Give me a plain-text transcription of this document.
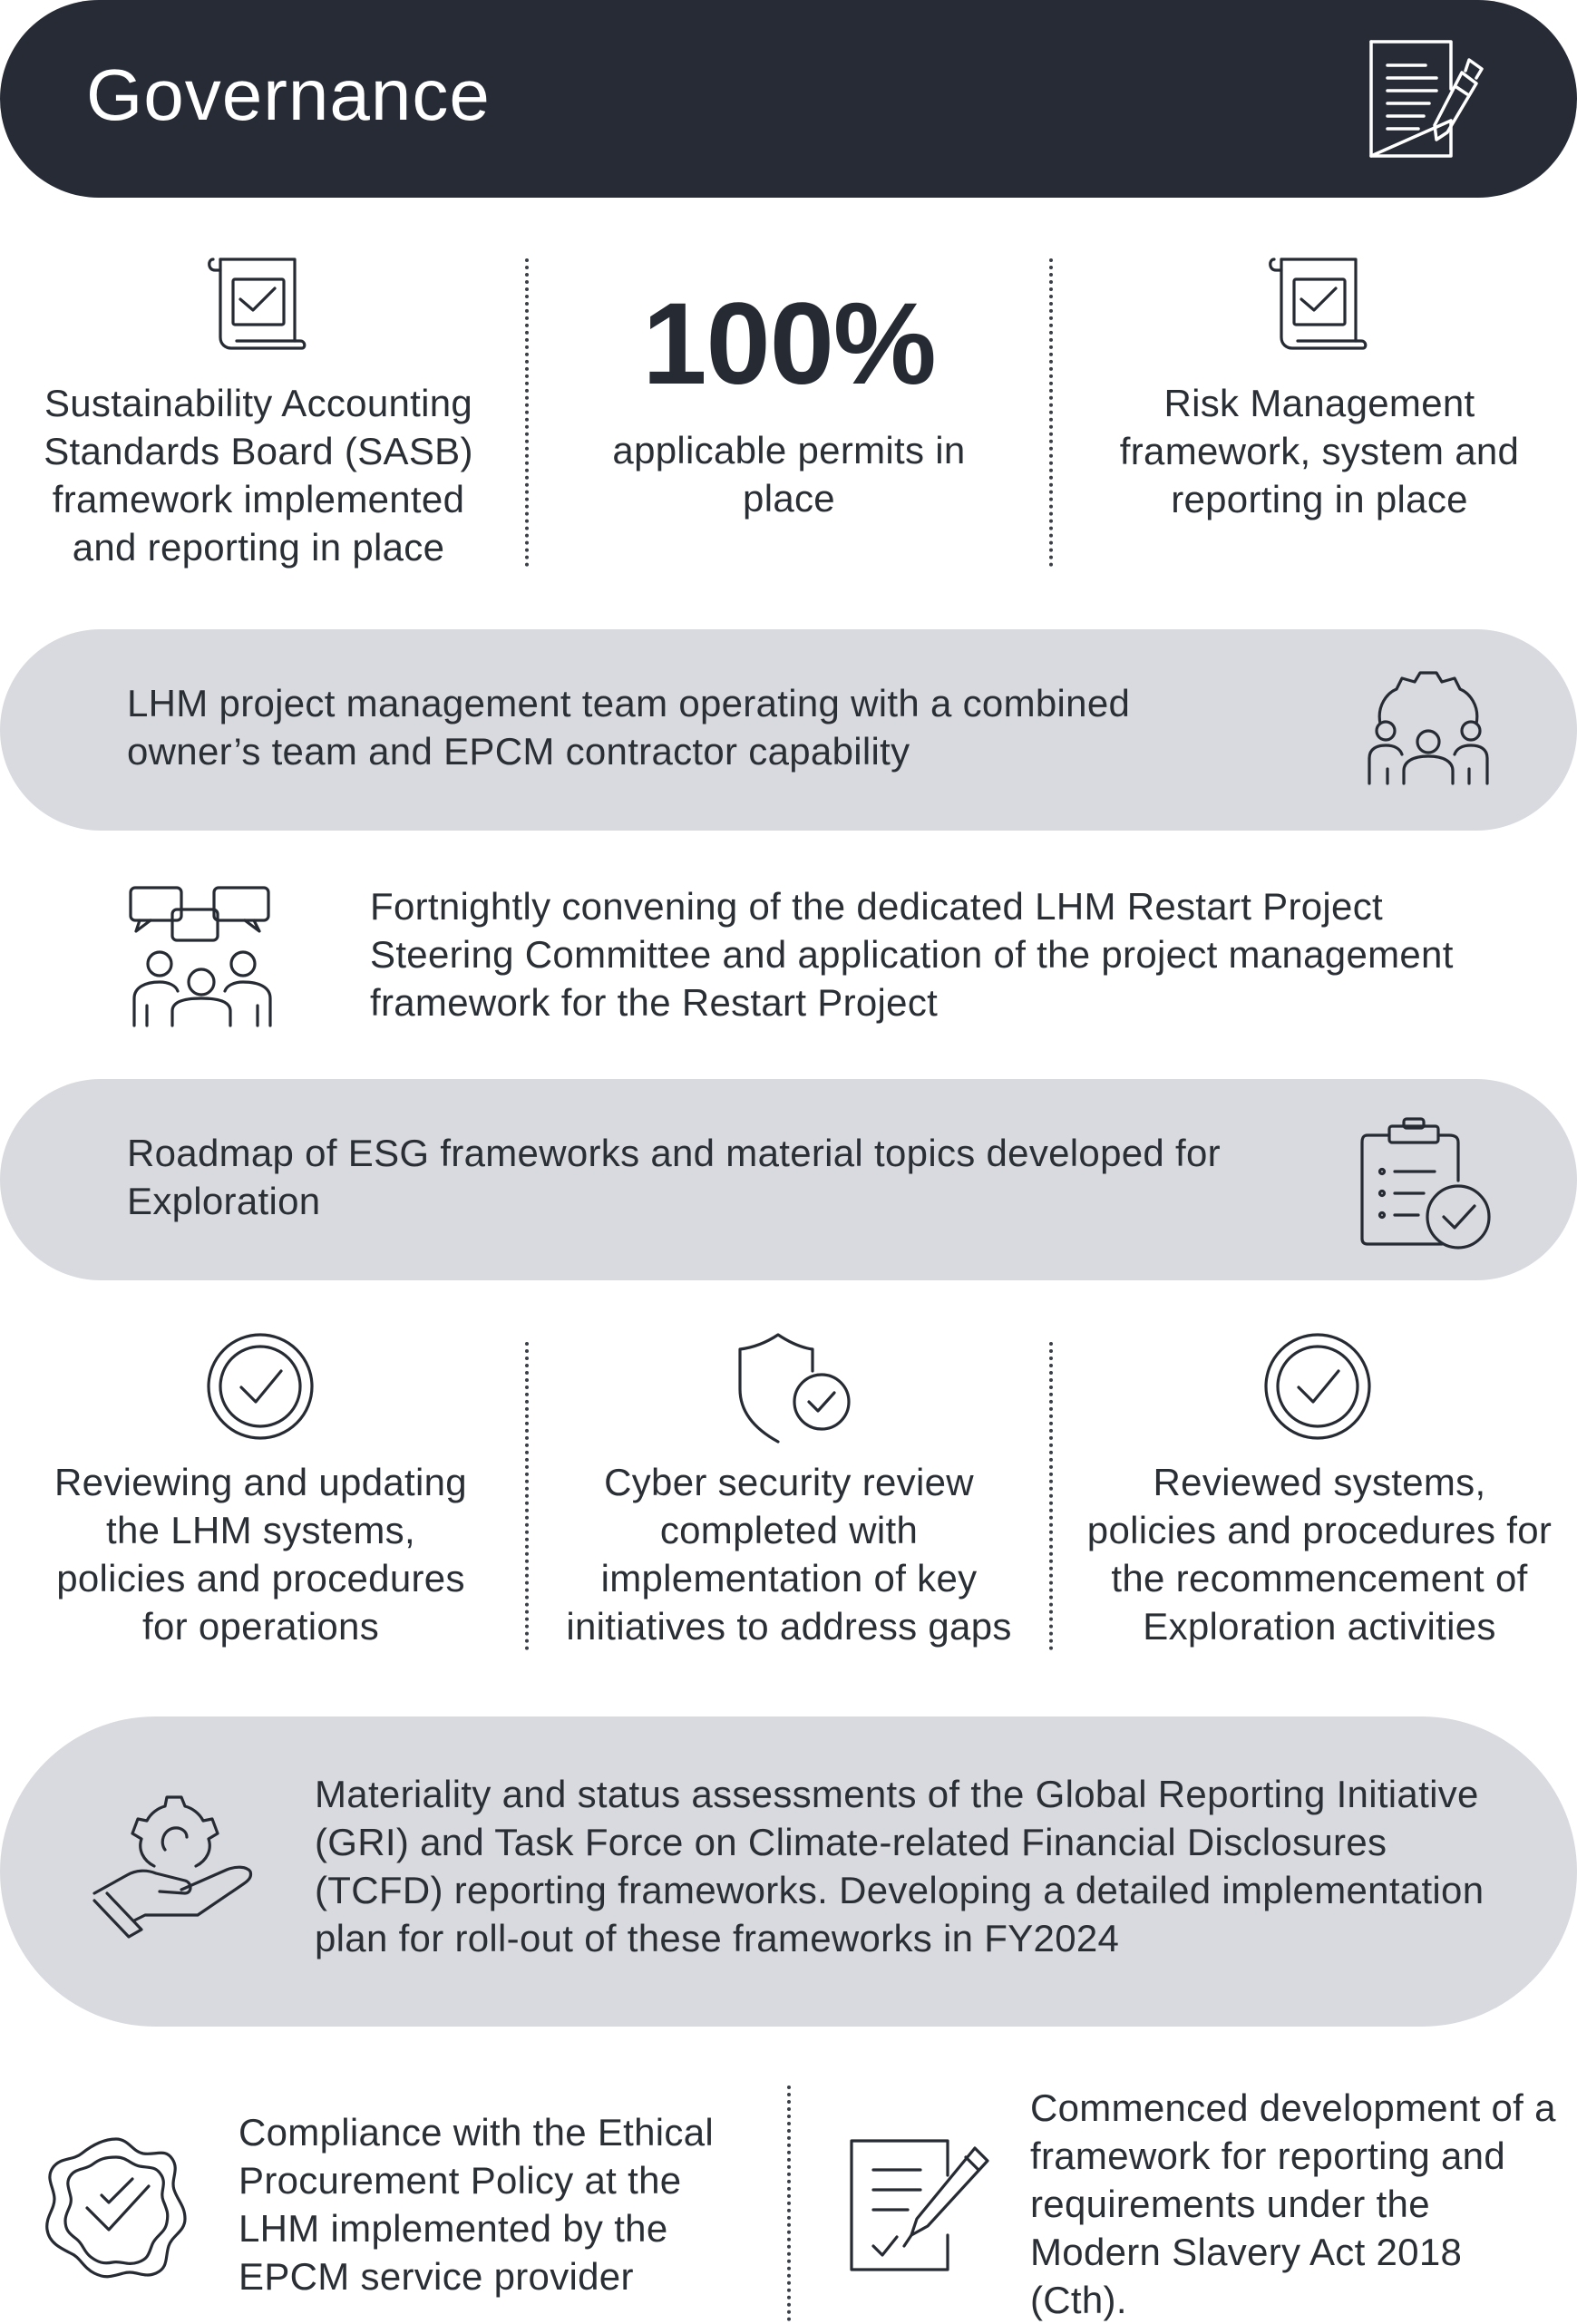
Governance
Sustainability Accounting Standards Board (SASB) framework implemented and reporting in place
100%
applicable permits in place
Risk Management framework, system and reporting in place
LHM project management team operating with a combined owner’s team and EPCM contractor capability
Fortnightly convening of the dedicated LHM Restart Project Steering Committee and application of the project management framework for the Restart Project
Roadmap of ESG frameworks and material topics developed for Exploration
Reviewing and updating the LHM systems, policies and procedures for operations
Cyber security review completed with implementation of key initiatives to address gaps
Reviewed systems, policies and procedures for the recommencement of Exploration activities
Materiality and status assessments of the Global Reporting Initiative (GRI) and Task Force on Climate-related Financial Disclosures (TCFD) reporting frameworks. Developing a detailed implementation plan for roll-out of these frameworks in FY2024
Compliance with the Ethical Procurement Policy at the LHM implemented by the EPCM service provider
Commenced development of a framework for reporting and requirements under the Modern Slavery Act 2018 (Cth).
